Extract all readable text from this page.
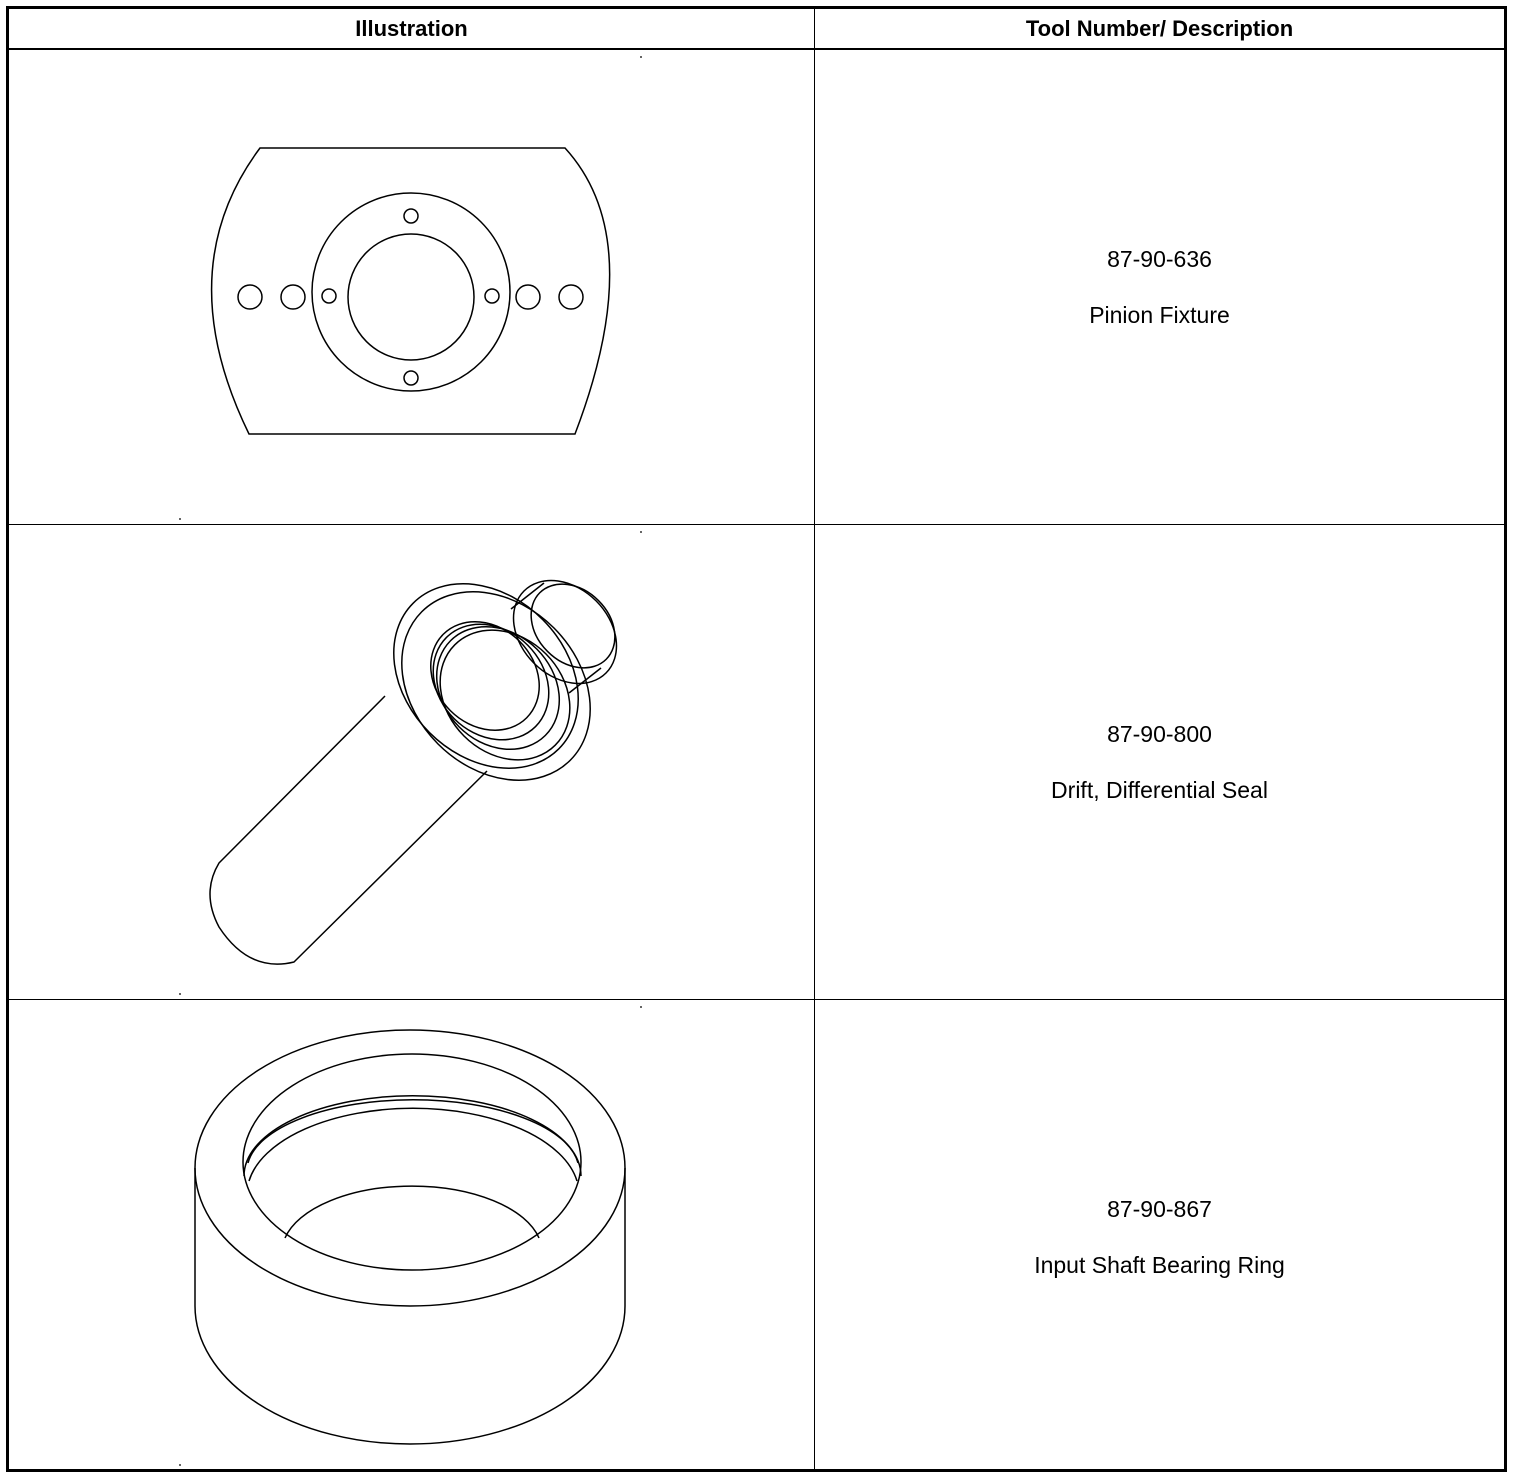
Illustration	Tool Number/ Description
87-90-636
Pinion Fixture
87-90-800
Drift, Differential Seal
87-90-867
Input Shaft Bearing Ring
